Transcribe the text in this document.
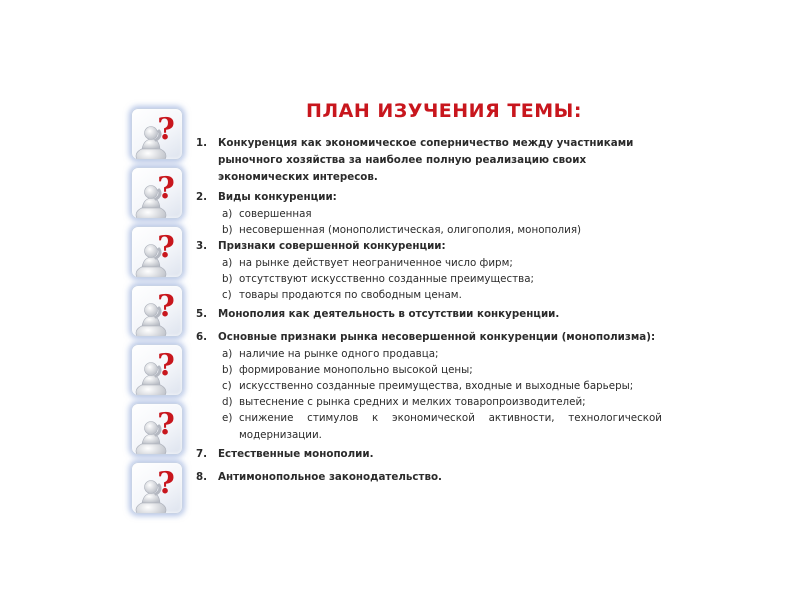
?
?
?
?
?
?
?
ПЛАН ИЗУЧЕНИЯ ТЕМЫ:
1. Конкуренция как экономическое соперничество между участниками рыночного хозяйства за наиболее полную реализацию своих экономических интересов.
2. Виды конкуренции:
a) совершенная
b) несовершенная (монополистическая, олигополия, монополия)
3. Признаки совершенной конкуренции:
a) на рынке действует неограниченное число фирм;
b) отсутствуют искусственно созданные преимущества;
c) товары продаются по свободным ценам.
5. Монополия как деятельность в отсутствии конкуренции.
6. Основные признаки рынка несовершенной конкуренции (монополизма):
a) наличие на рынке одного продавца;
b) формирование монопольно высокой цены;
c) искусственно созданные преимущества, входные и выходные барьеры;
d) вытеснение с рынка средних и мелких товаропроизводителей;
e) снижение стимулов к экономической активности, технологической модернизации.
7. Естественные монополии.
8. Антимонопольное законодательство.
